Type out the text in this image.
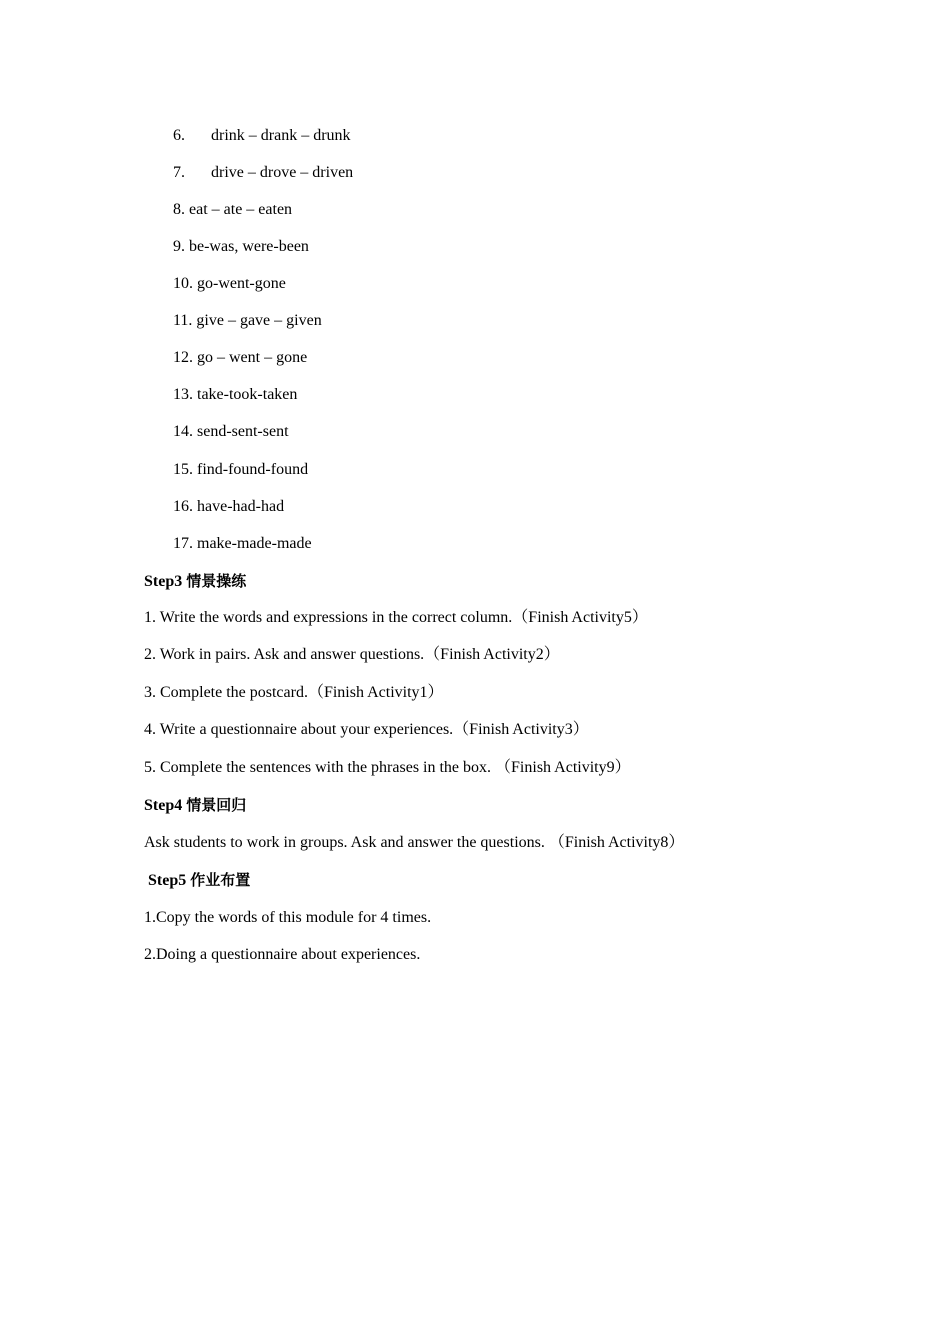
6. drink – drank – drunk
7. drive – drove – driven
8. eat – ate – eaten
9. be-was, were-been
10. go-went-gone
11. give – gave – given
12. go – went – gone
13. take-took-taken
14. send-sent-sent
15. find-found-found
16. have-had-had
17. make-made-made
Step3 情景操练
1. Write the words and expressions in the correct column.（Finish Activity5）
2. Work in pairs. Ask and answer questions.（Finish Activity2）
3. Complete the postcard.（Finish Activity1）
4. Write a questionnaire about your experiences.（Finish Activity3）
5. Complete the sentences with the phrases in the box. （Finish Activity9）
Step4 情景回归
Ask students to work in groups. Ask and answer the questions. （Finish Activity8）
Step5 作业布置
1.Copy the words of this module for 4 times.
2.Doing a questionnaire about experiences.
